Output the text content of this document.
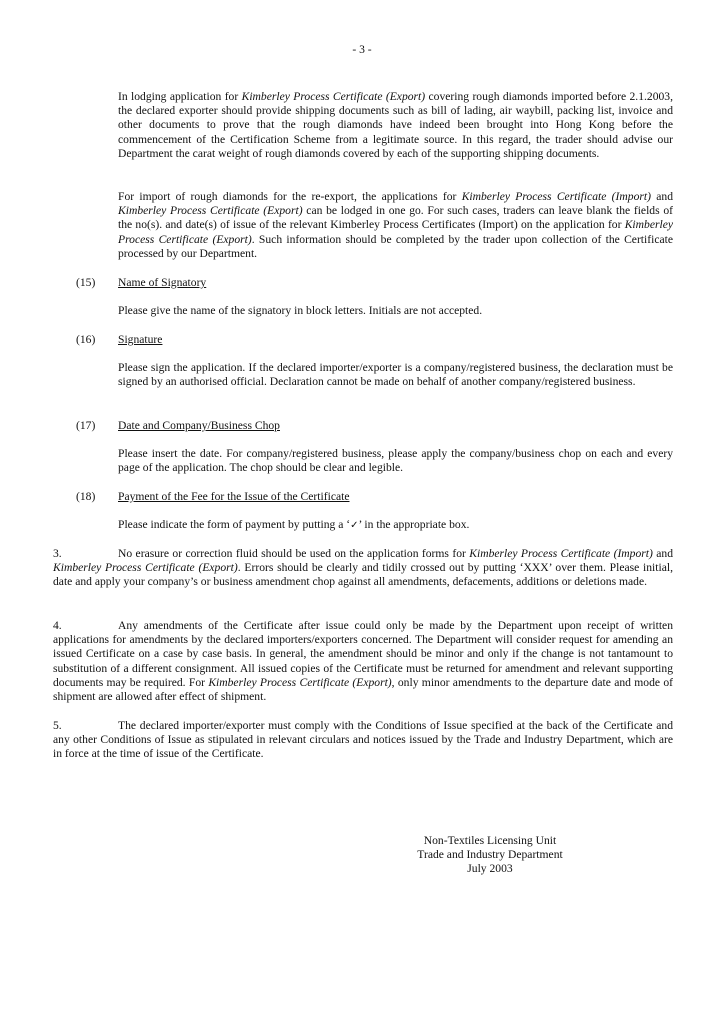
- 3 -
In lodging application for Kimberley Process Certificate (Export) covering rough diamonds imported before 2.1.2003, the declared exporter should provide shipping documents such as bill of lading, air waybill, packing list, invoice and other documents to prove that the rough diamonds have indeed been brought into Hong Kong before the commencement of the Certification Scheme from a legitimate source. In this regard, the trader should advise our Department the carat weight of rough diamonds covered by each of the supporting shipping documents.
For import of rough diamonds for the re-export, the applications for Kimberley Process Certificate (Import) and Kimberley Process Certificate (Export) can be lodged in one go. For such cases, traders can leave blank the fields of the no(s). and date(s) of issue of the relevant Kimberley Process Certificates (Import) on the application for Kimberley Process Certificate (Export). Such information should be completed by the trader upon collection of the Certificate processed by our Department.
(15) Name of Signatory
Please give the name of the signatory in block letters. Initials are not accepted.
(16) Signature
Please sign the application. If the declared importer/exporter is a company/registered business, the declaration must be signed by an authorised official. Declaration cannot be made on behalf of another company/registered business.
(17) Date and Company/Business Chop
Please insert the date. For company/registered business, please apply the company/business chop on each and every page of the application. The chop should be clear and legible.
(18) Payment of the Fee for the Issue of the Certificate
Please indicate the form of payment by putting a ‘✓’ in the appropriate box.
3.	No erasure or correction fluid should be used on the application forms for Kimberley Process Certificate (Import) and Kimberley Process Certificate (Export). Errors should be clearly and tidily crossed out by putting ‘XXX’ over them. Please initial, date and apply your company’s or business amendment chop against all amendments, defacements, additions or deletions made.
4.	Any amendments of the Certificate after issue could only be made by the Department upon receipt of written applications for amendments by the declared importers/exporters concerned. The Department will consider request for amending an issued Certificate on a case by case basis. In general, the amendment should be minor and only if the change is not tantamount to substitution of a different consignment. All issued copies of the Certificate must be returned for amendment and relevant supporting documents may be required. For Kimberley Process Certificate (Export), only minor amendments to the departure date and mode of shipment are allowed after effect of shipment.
5.	The declared importer/exporter must comply with the Conditions of Issue specified at the back of the Certificate and any other Conditions of Issue as stipulated in relevant circulars and notices issued by the Trade and Industry Department, which are in force at the time of issue of the Certificate.
Non-Textiles Licensing Unit
Trade and Industry Department
July 2003
